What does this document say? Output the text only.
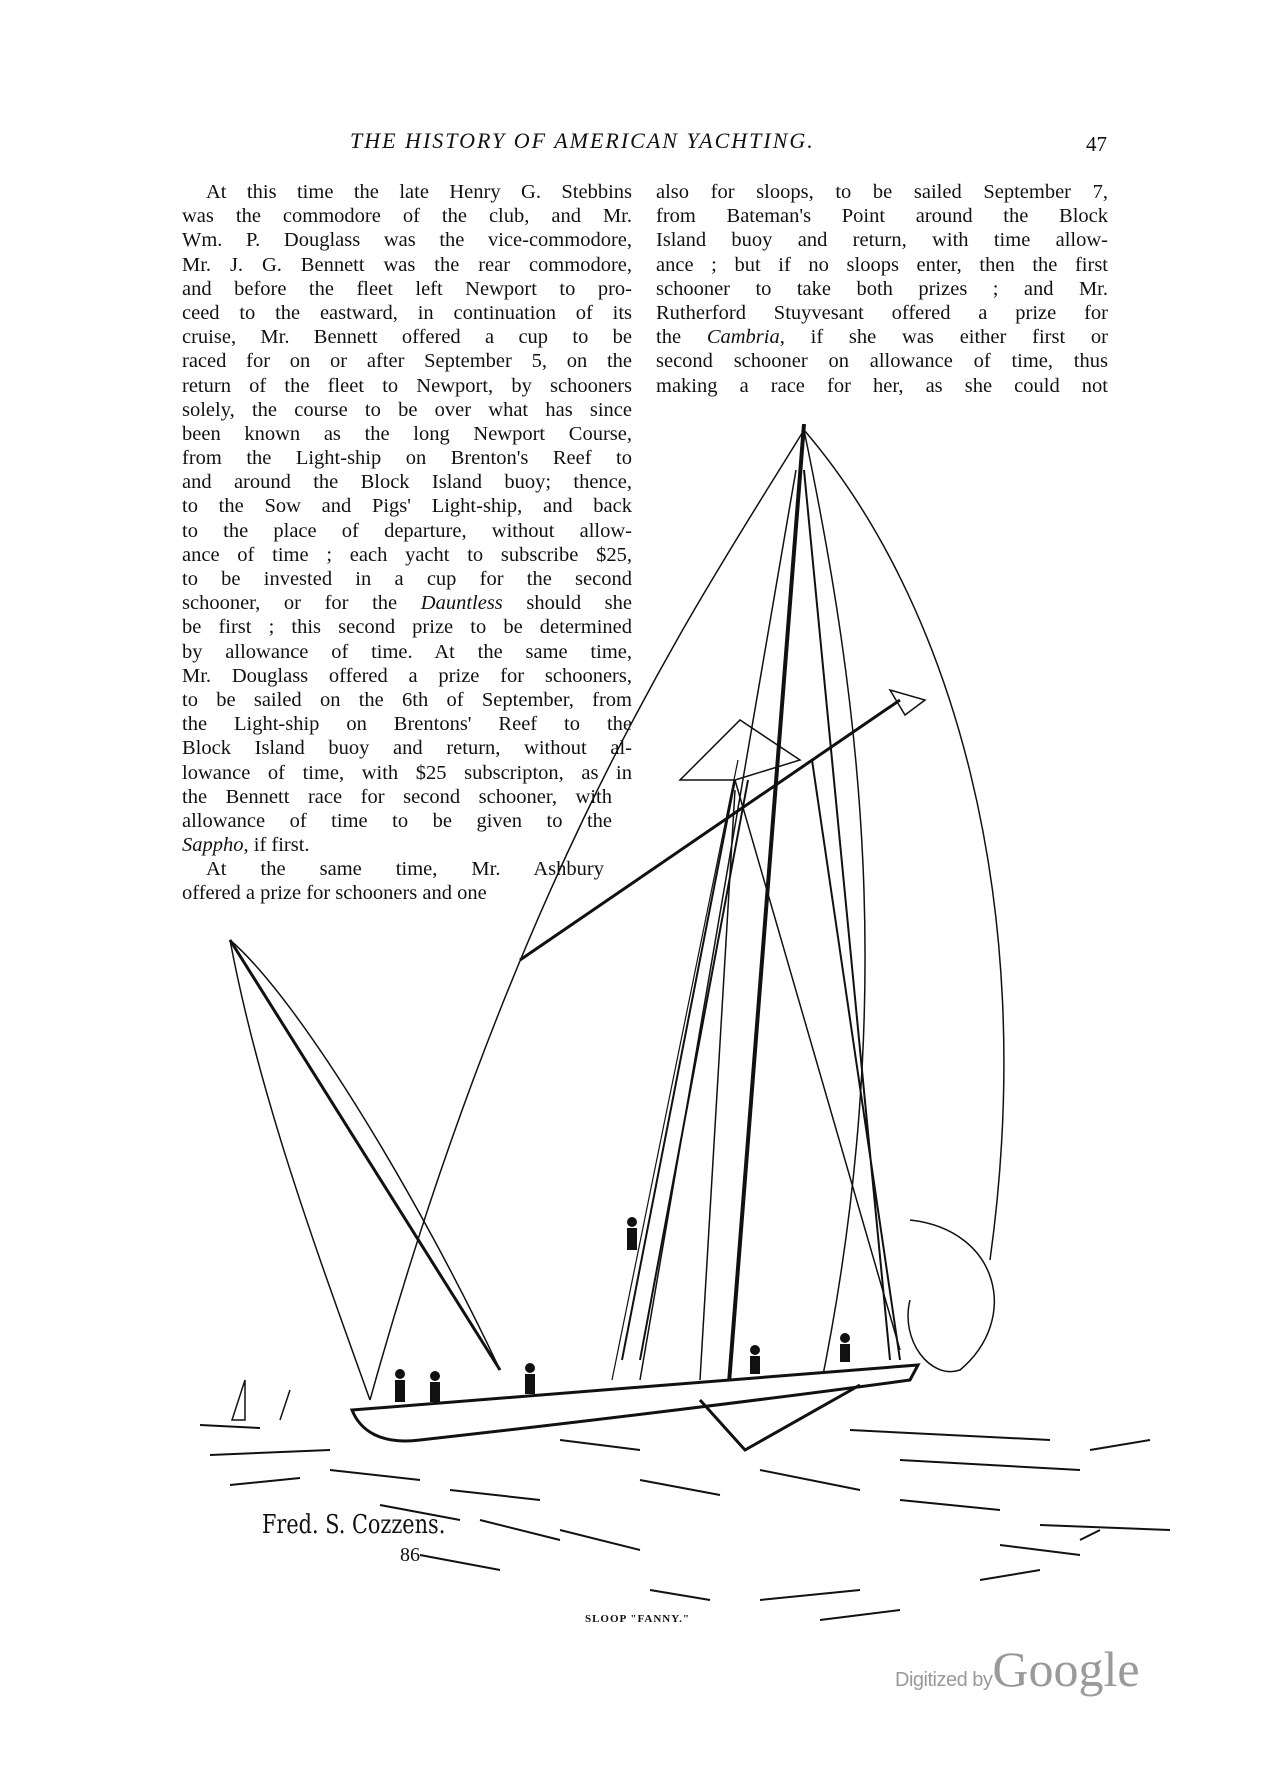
THE HISTORY OF AMERICAN YACHTING.	47
At this time the late Henry G. Stebbins
was the commodore of the club, and Mr.
Wm. P. Douglass was the vice-commodore,
Mr. J. G. Bennett was the rear commodore,
and before the fleet left Newport to pro-
ceed to the eastward, in continuation of its
cruise, Mr. Bennett offered a cup to be
raced for on or after September 5, on the
return of the fleet to Newport, by schooners
solely, the course to be over what has since
been known as the long Newport Course,
from the Light-ship on Brenton's Reef to
and around the Block Island buoy; thence,
to the Sow and Pigs' Light-ship, and back
to the place of departure, without allow-
ance of time ; each yacht to subscribe $25,
to be invested in a cup for the second
schooner, or for the Dauntless should she
be first ; this second prize to be determined
by allowance of time. At the same time,
Mr. Douglass offered a prize for schooners,
to be sailed on the 6th of September, from
the Light-ship on Brentons' Reef to the
Block Island buoy and return, without al-
lowance of time, with $25 subscripton, as in
the Bennett race for second schooner, with
allowance of time to be given to the
Sappho, if first.
At the same time, Mr. Ashbury
offered a prize for schooners and one
also for sloops, to be sailed September 7,
from Bateman's Point around the Block
Island buoy and return, with time allow-
ance ; but if no sloops enter, then the first
schooner to take both prizes ; and Mr.
Rutherford Stuyvesant offered a prize for
the Cambria, if she was either first or
second schooner on allowance of time, thus
making a race for her, as she could not
Fred. S. Cozzens.
86
SLOOP "FANNY."
Digitized byGoogle
